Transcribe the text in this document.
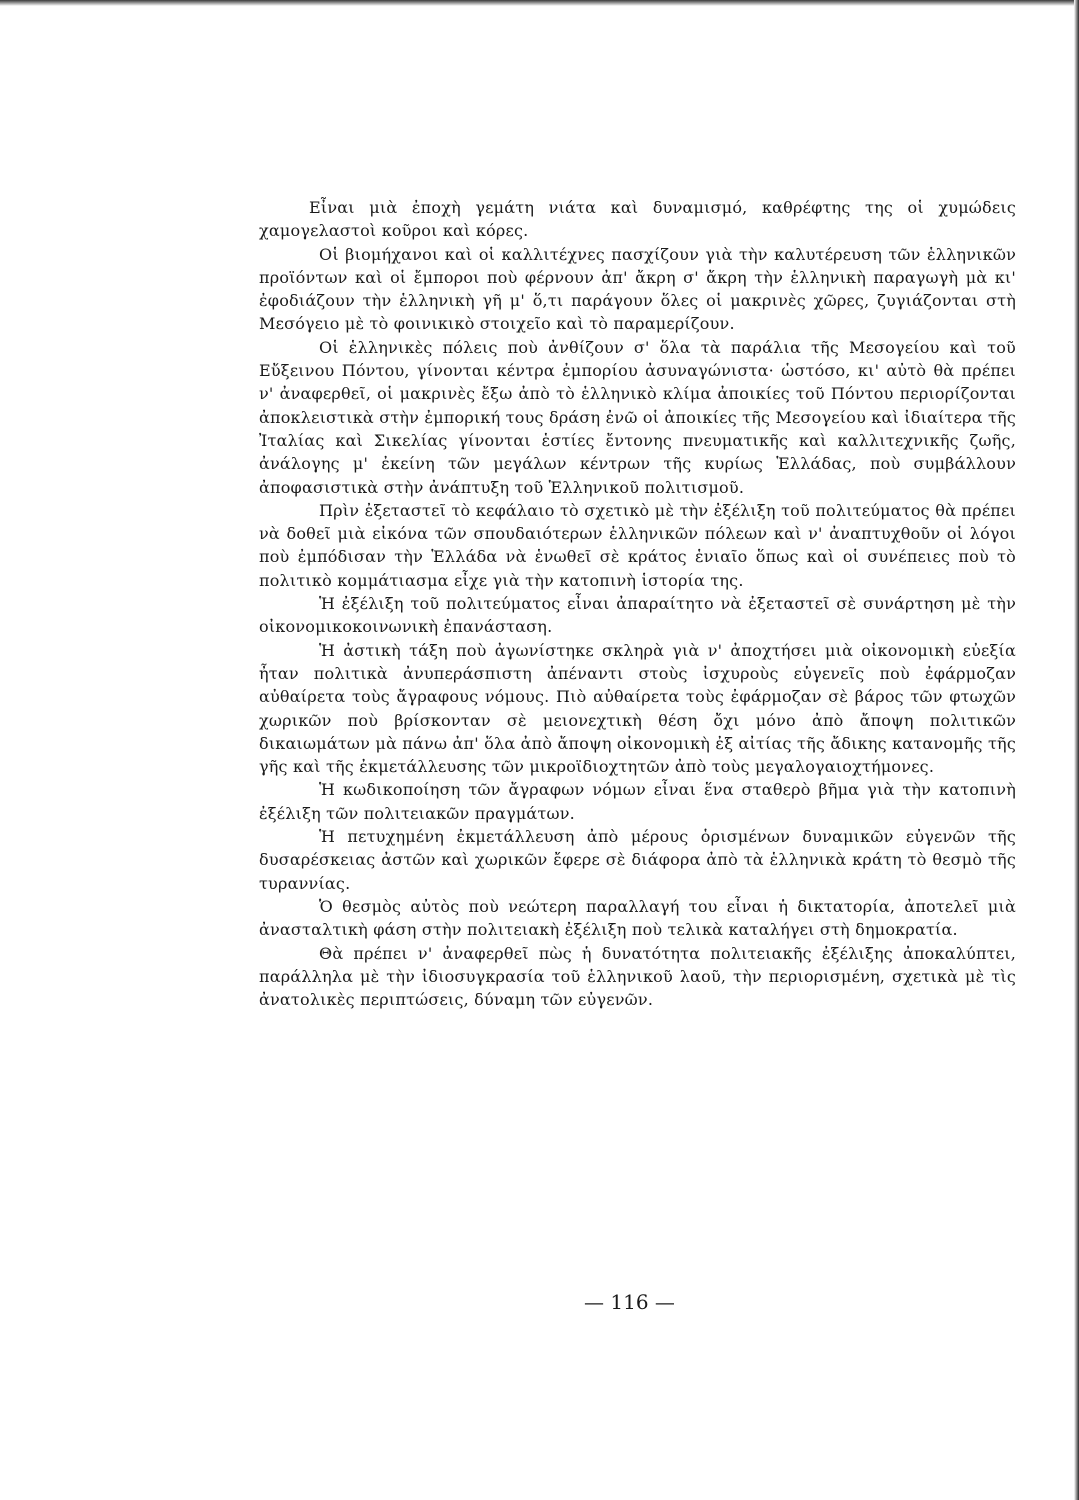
Εἶναι μιὰ ἐποχὴ γεμάτη νιάτα καὶ δυναμισμό, καθρέφτης της οἱ χυμώδεις χαμογελαστοὶ κοῦροι καὶ κόρες.

Οἱ βιομήχανοι καὶ οἱ καλλιτέχνες πασχίζουν γιὰ τὴν καλυτέρευση τῶν ἑλληνικῶν προϊόντων καὶ οἱ ἔμποροι ποὺ φέρνουν ἀπ' ἄκρη σ' ἄκρη τὴν ἑλληνικὴ παραγωγὴ μὰ κι' ἐφοδιάζουν τὴν ἑλληνικὴ γῆ μ' ὅ,τι παράγουν ὅλες οἱ μακρινὲς χῶρες, ζυγιάζονται στὴ Μεσόγειο μὲ τὸ φοινικικὸ στοιχεῖο καὶ τὸ παραμερίζουν.

Οἱ ἑλληνικὲς πόλεις ποὺ ἀνθίζουν σ' ὅλα τὰ παράλια τῆς Μεσογείου καὶ τοῦ Εὔξεινου Πόντου, γίνονται κέντρα ἐμπορίου ἀσυναγώνιστα· ὡστόσο, κι' αὐτὸ θὰ πρέπει ν' ἀναφερθεῖ, οἱ μακρινὲς ἔξω ἀπὸ τὸ ἑλληνικὸ κλίμα ἀποικίες τοῦ Πόντου περιορίζονται ἀποκλειστικὰ στὴν ἐμπορική τους δράση ἐνῶ οἱ ἀποικίες τῆς Μεσογείου καὶ ἰδιαίτερα τῆς Ἰταλίας καὶ Σικελίας γίνονται ἑστίες ἔντονης πνευματικῆς καὶ καλλιτεχνικῆς ζωῆς, ἀνάλογης μ' ἐκείνη τῶν μεγάλων κέντρων τῆς κυρίως Ἑλλάδας, ποὺ συμβάλλουν ἀποφασιστικὰ στὴν ἀνάπτυξη τοῦ Ἑλληνικοῦ πολιτισμοῦ.

Πρὶν ἐξεταστεῖ τὸ κεφάλαιο τὸ σχετικὸ μὲ τὴν ἐξέλιξη τοῦ πολιτεύματος θὰ πρέπει νὰ δοθεῖ μιὰ εἰκόνα τῶν σπουδαιότερων ἑλληνικῶν πόλεων καὶ ν' ἀναπτυχθοῦν οἱ λόγοι ποὺ ἐμπόδισαν τὴν Ἑλλάδα νὰ ἑνωθεῖ σὲ κράτος ἑνιαῖο ὅπως καὶ οἱ συνέπειες ποὺ τὸ πολιτικὸ κομμάτιασμα εἶχε γιὰ τὴν κατοπινὴ ἱστορία της.

Ἡ ἐξέλιξη τοῦ πολιτεύματος εἶναι ἀπαραίτητο νὰ ἐξεταστεῖ σὲ συνάρτηση μὲ τὴν οἰκονομικοκοινωνικὴ ἐπανάσταση.

Ἡ ἀστικὴ τάξη ποὺ ἀγωνίστηκε σκληρὰ γιὰ ν' ἀποχτήσει μιὰ οἰκονομικὴ εὐεξία ἦταν πολιτικὰ ἀνυπεράσπιστη ἀπέναντι στοὺς ἰσχυροὺς εὐγενεῖς ποὺ ἐφάρμοζαν αὐθαίρετα τοὺς ἄγραφους νόμους. Πιὸ αὐθαίρετα τοὺς ἐφάρμοζαν σὲ βάρος τῶν φτωχῶν χωρικῶν ποὺ βρίσκονταν σὲ μειονεχτικὴ θέση ὄχι μόνο ἀπὸ ἄποψη πολιτικῶν δικαιωμάτων μὰ πάνω ἀπ' ὅλα ἀπὸ ἄποψη οἰκονομικὴ ἐξ αἰτίας τῆς ἄδικης κατανομῆς τῆς γῆς καὶ τῆς ἐκμετάλλευσης τῶν μικροϊδιοχτητῶν ἀπὸ τοὺς μεγαλογαιοχτήμονες.

Ἡ κωδικοποίηση τῶν ἄγραφων νόμων εἶναι ἕνα σταθερὸ βῆμα γιὰ τὴν κατοπινὴ ἐξέλιξη τῶν πολιτειακῶν πραγμάτων.

Ἡ πετυχημένη ἐκμετάλλευση ἀπὸ μέρους ὁρισμένων δυναμικῶν εὐγενῶν τῆς δυσαρέσκειας ἀστῶν καὶ χωρικῶν ἔφερε σὲ διάφορα ἀπὸ τὰ ἑλληνικὰ κράτη τὸ θεσμὸ τῆς τυραννίας.

Ὁ θεσμὸς αὐτὸς ποὺ νεώτερη παραλλαγή του εἶναι ἡ δικτατορία, ἀποτελεῖ μιὰ ἀνασταλτικὴ φάση στὴν πολιτειακὴ ἐξέλιξη ποὺ τελικὰ καταλήγει στὴ δημοκρατία.

Θὰ πρέπει ν' ἀναφερθεῖ πὼς ἡ δυνατότητα πολιτειακῆς ἐξέλιξης ἀποκαλύπτει, παράλληλα μὲ τὴν ἰδιοσυγκρασία τοῦ ἑλληνικοῦ λαοῦ, τὴν περιορισμένη, σχετικὰ μὲ τὶς ἀνατολικὲς περιπτώσεις, δύναμη τῶν εὐγενῶν.

— 116 —
